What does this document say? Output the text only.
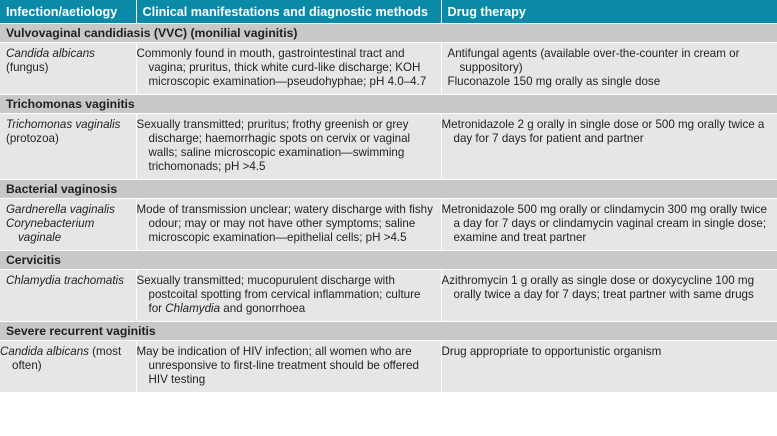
Infection/aetiology	Clinical manifestations and diagnostic methods	Drug therapy
Vulvovaginal candidiasis (VVC) (monilial vaginitis)		

Candida albicans
(fungus)	Commonly found in mouth, gastrointestinal tract and vagina; pruritus, thick white curd-like discharge; KOH microscopic examination—pseudohyphae; pH 4.0–4.7	Antifungal agents (available over-the-counter in cream or suppository)
Fluconazole 150 mg orally as single dose

Trichomonas vaginitis		

Trichomonas vaginalis
(protozoa)	Sexually transmitted; pruritus; frothy greenish or grey discharge; haemorrhagic spots on cervix or vaginal walls; saline microscopic examination—swimming trichomonads; pH >4.5	Metronidazole 2 g orally in single dose or 500 mg orally twice a day for 7 days for patient and partner
Bacterial vaginosis		

Gardnerella vaginalis
Corynebacterium vaginale	Mode of transmission unclear; watery discharge with fishy odour; may or may not have other symptoms; saline microscopic examination—epithelial cells; pH >4.5	Metronidazole 500 mg orally or clindamycin 300 mg orally twice a day for 7 days or clindamycin vaginal cream in single dose; examine and treat partner
Cervicitis		

Chlamydia trachomatis	Sexually transmitted; mucopurulent discharge with postcoital spotting from cervical inflammation; culture for Chlamydia and gonorrhoea	Azithromycin 1 g orally as single dose or doxycycline 100 mg orally twice a day for 7 days; treat partner with same drugs
Severe recurrent vaginitis		
Candida albicans (most often)	May be indication of HIV infection; all women who are unresponsive to first-line treatment should be offered HIV testing	Drug appropriate to opportunistic organism
